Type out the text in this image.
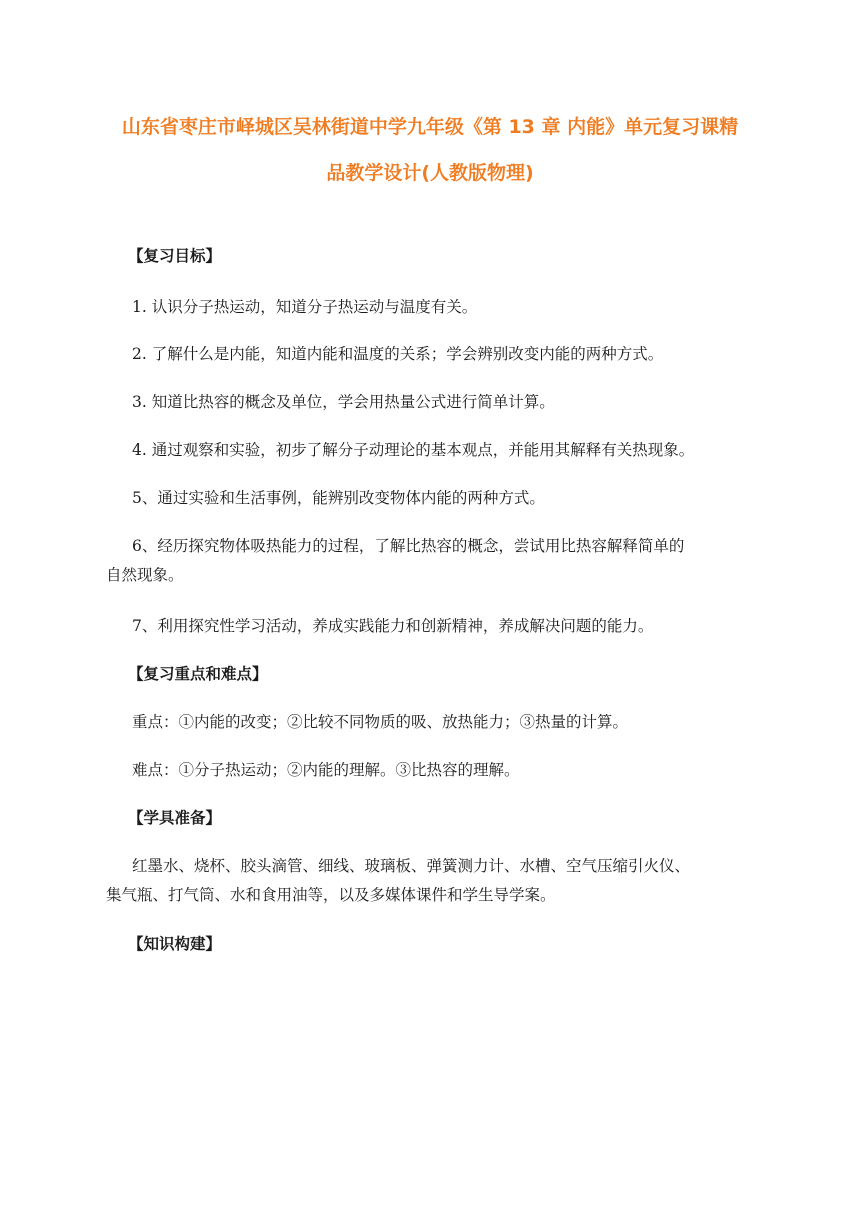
山东省枣庄市峄城区吴林街道中学九年级《第 13 章 内能》单元复习课精
品教学设计(人教版物理)

【复习目标】

1. 认识分子热运动，知道分子热运动与温度有关。

2. 了解什么是内能，知道内能和温度的关系；学会辨别改变内能的两种方式。

3. 知道比热容的概念及单位，学会用热量公式进行简单计算。

4. 通过观察和实验，初步了解分子动理论的基本观点，并能用其解释有关热现象。

5、通过实验和生活事例，能辨别改变物体内能的两种方式。

6、经历探究物体吸热能力的过程，了解比热容的概念，尝试用比热容解释简单的

自然现象。

7、利用探究性学习活动，养成实践能力和创新精神，养成解决问题的能力。

【复习重点和难点】

重点：①内能的改变；②比较不同物质的吸、放热能力；③热量的计算。

难点：①分子热运动；②内能的理解。③比热容的理解。

【学具准备】

红墨水、烧杯、胶头滴管、细线、玻璃板、弹簧测力计、水槽、空气压缩引火仪、

集气瓶、打气筒、水和食用油等，以及多媒体课件和学生导学案。

【知识构建】
